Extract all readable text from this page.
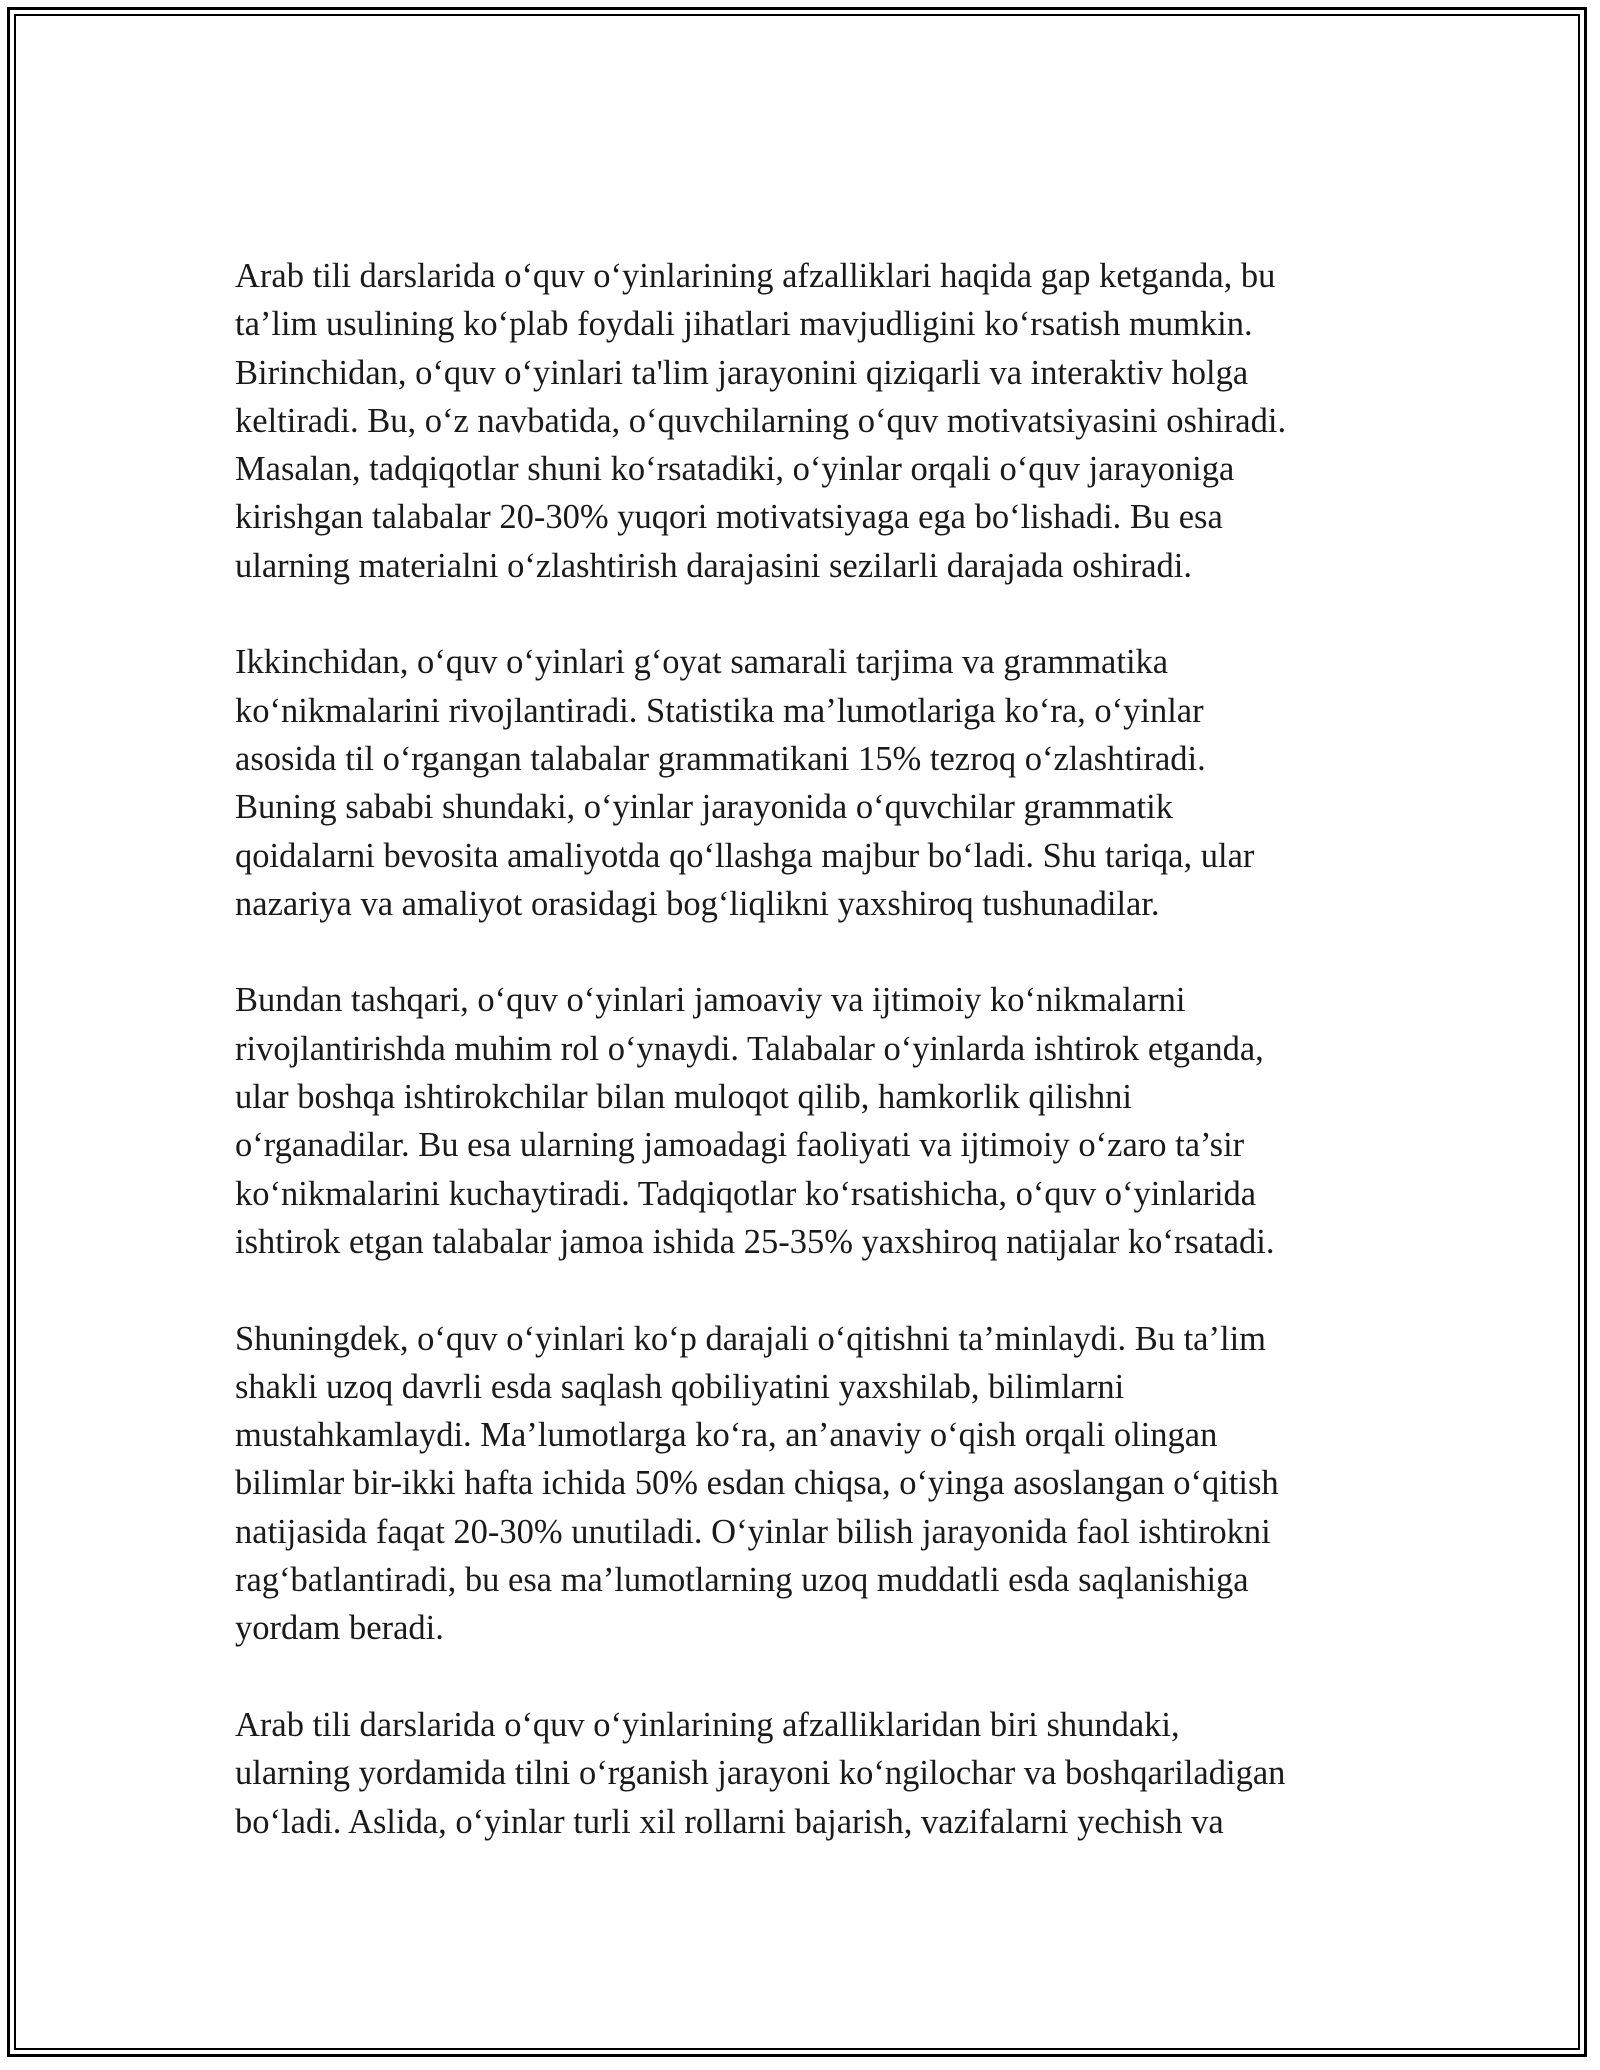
Arab tili darslarida o‘quv o‘yinlarining afzalliklari haqida gap ketganda, bu
ta’lim usulining ko‘plab foydali jihatlari mavjudligini ko‘rsatish mumkin.
Birinchidan, o‘quv o‘yinlari ta'lim jarayonini qiziqarli va interaktiv holga
keltiradi. Bu, o‘z navbatida, o‘quvchilarning o‘quv motivatsiyasini oshiradi.
Masalan, tadqiqotlar shuni ko‘rsatadiki, o‘yinlar orqali o‘quv jarayoniga
kirishgan talabalar 20-30% yuqori motivatsiyaga ega bo‘lishadi. Bu esa
ularning materialni o‘zlashtirish darajasini sezilarli darajada oshiradi.

Ikkinchidan, o‘quv o‘yinlari g‘oyat samarali tarjima va grammatika
ko‘nikmalarini rivojlantiradi. Statistika ma’lumotlariga ko‘ra, o‘yinlar
asosida til o‘rgangan talabalar grammatikani 15% tezroq o‘zlashtiradi.
Buning sababi shundaki, o‘yinlar jarayonida o‘quvchilar grammatik
qoidalarni bevosita amaliyotda qo‘llashga majbur bo‘ladi. Shu tariqa, ular
nazariya va amaliyot orasidagi bog‘liqlikni yaxshiroq tushunadilar.

Bundan tashqari, o‘quv o‘yinlari jamoaviy va ijtimoiy ko‘nikmalarni
rivojlantirishda muhim rol o‘ynaydi. Talabalar o‘yinlarda ishtirok etganda,
ular boshqa ishtirokchilar bilan muloqot qilib, hamkorlik qilishni
o‘rganadilar. Bu esa ularning jamoadagi faoliyati va ijtimoiy o‘zaro ta’sir
ko‘nikmalarini kuchaytiradi. Tadqiqotlar ko‘rsatishicha, o‘quv o‘yinlarida
ishtirok etgan talabalar jamoa ishida 25-35% yaxshiroq natijalar ko‘rsatadi.

Shuningdek, o‘quv o‘yinlari ko‘p darajali o‘qitishni ta’minlaydi. Bu ta’lim
shakli uzoq davrli esda saqlash qobiliyatini yaxshilab, bilimlarni
mustahkamlaydi. Ma’lumotlarga ko‘ra, an’anaviy o‘qish orqali olingan
bilimlar bir-ikki hafta ichida 50% esdan chiqsa, o‘yinga asoslangan o‘qitish
natijasida faqat 20-30% unutiladi. O‘yinlar bilish jarayonida faol ishtirokni
rag‘batlantiradi, bu esa ma’lumotlarning uzoq muddatli esda saqlanishiga
yordam beradi.

Arab tili darslarida o‘quv o‘yinlarining afzalliklaridan biri shundaki,
ularning yordamida tilni o‘rganish jarayoni ko‘ngilochar va boshqariladigan
bo‘ladi. Aslida, o‘yinlar turli xil rollarni bajarish, vazifalarni yechish va
